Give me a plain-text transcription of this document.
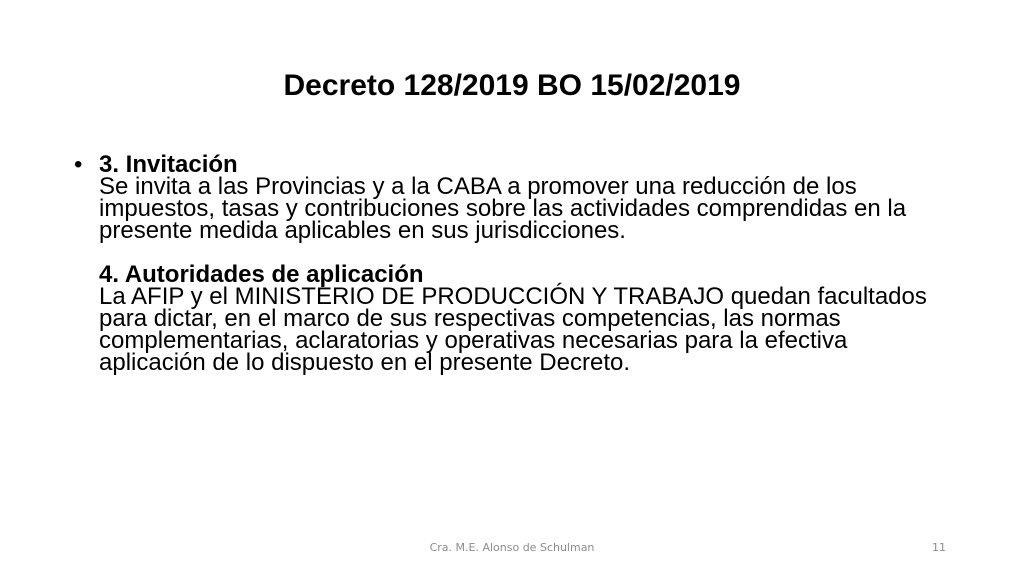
Decreto 128/2019 BO 15/02/2019
• 3. Invitación
Se invita a las Provincias y a la CABA a promover una reducción de los impuestos, tasas y contribuciones sobre las actividades comprendidas en la presente medida aplicables en sus jurisdicciones.
4. Autoridades de aplicación
La AFIP y el MINISTERIO DE PRODUCCIÓN Y TRABAJO quedan facultados para dictar, en el marco de sus respectivas competencias, las normas complementarias, aclaratorias y operativas necesarias para la efectiva aplicación de lo dispuesto en el presente Decreto.
Cra. M.E. Alonso de Schulman	11
